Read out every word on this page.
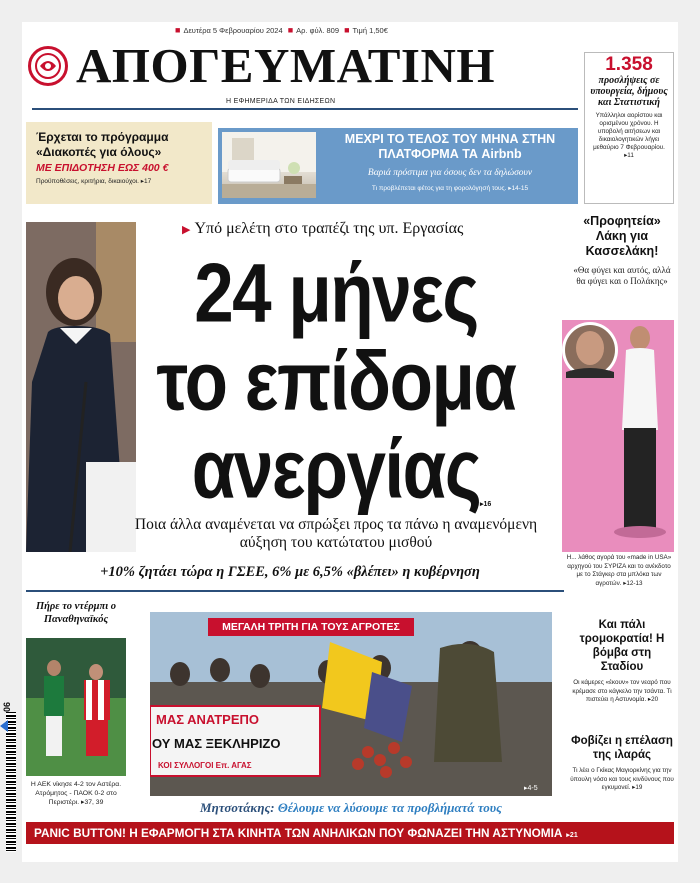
■ Δευτέρα 5 Φεβρουαρίου 2024 ■ Αρ. φύλ. 809 ■ Τιμή 1,50€
ΑΠΟΓΕΥΜΑΤΙΝΗ
Η ΕΦΗΜΕΡΙΔΑ ΤΩΝ ΕΙΔΗΣΕΩΝ
1.358
προσλήψεις σε υπουργεία, δήμους και Στατιστική
Υπάλληλοι αορίστου και ορισμένου χρόνου. Η υποβολή αιτήσεων και δικαιολογητικών λήγει μεθαύριο 7 Φεβρουαρίου. ▸11
Έρχεται το πρόγραμμα «Διακοπές για όλους»
ΜΕ ΕΠΙΔΟΤΗΣΗ ΕΩΣ 400 €
Προϋποθέσεις, κριτήρια, δικαιούχοι. ▸17
ΜΕΧΡΙ ΤΟ ΤΕΛΟΣ ΤΟΥ ΜΗΝΑ ΣΤΗΝ ΠΛΑΤΦΟΡΜΑ ΤΑ Airbnb
Βαριά πρόστιμα για όσους δεν τα δηλώσουν
Τι προβλέπεται φέτος για τη φορολόγησή τους. ▸14-15
▶ Υπό μελέτη στο τραπέζι της υπ. Εργασίας
24 μήνες
το επίδομα
ανεργίας ▸16
Ποια άλλα αναμένεται να σπρώξει προς τα πάνω η αναμενόμενη αύξηση του κατώτατου μισθού
+10% ζητάει τώρα η ΓΣΕΕ, 6% με 6,5% «βλέπει» η κυβέρνηση
«Προφητεία» Λάκη για Κασσελάκη!
«Θα φύγει και αυτός, αλλά θα φύγει και ο Πολάκης»
Η... λάθος αγορά του «made in USA» αρχηγού του ΣΥΡΙΖΑ και το ανέκδοτο με το Στάγκερ στα μπλόκα των αγροτών. ▸12-13
Πήρε το ντέρμπι ο Παναθηναϊκός
Η ΑΕΚ νίκησε 4-2 τον Αστέρα. Ατρόμητος - ΠΑΟΚ 0-2 στο Περιστέρι. ▸37, 39
ΜΑΣ ΑΝΑΤΡΕΠΟ
ΟΥ ΜΑΣ ΞΕΚΛΗΡΙΖΟ
ΚΟΙ ΣΥΛΛΟΓΟΙ Επ. ΑΓΑΣ
▸4-5
ΜΕΓΑΛΗ ΤΡΙΤΗ ΓΙΑ ΤΟΥΣ ΑΓΡΟΤΕΣ
Μητσοτάκης: Θέλουμε να λύσουμε τα προβλήματά τους
Και πάλι τρομοκρατία! Η βόμβα στη Σταδίου
Οι κάμερες «έκουν» τον νεαρό που κρέμασε στο κάγκελο την τσάντα. Τι πιστεύει η Αστυνομία. ▸20
Φοβίζει η επέλαση της ιλαράς
Τι λέει ο Γκίκας Μαγιορκίνης για την ύπουλη νόσο και τους κινδύνους που εγκυμονεί. ▸19
PANIC BUTTON! Η ΕΦΑΡΜΟΓΗ ΣΤΑ ΚΙΝΗΤΑ ΤΩΝ ΑΝΗΛΙΚΩΝ ΠΟΥ ΦΩΝΑΖΕΙ ΤΗΝ ΑΣΤΥΝΟΜΙΑ ▸21
06
